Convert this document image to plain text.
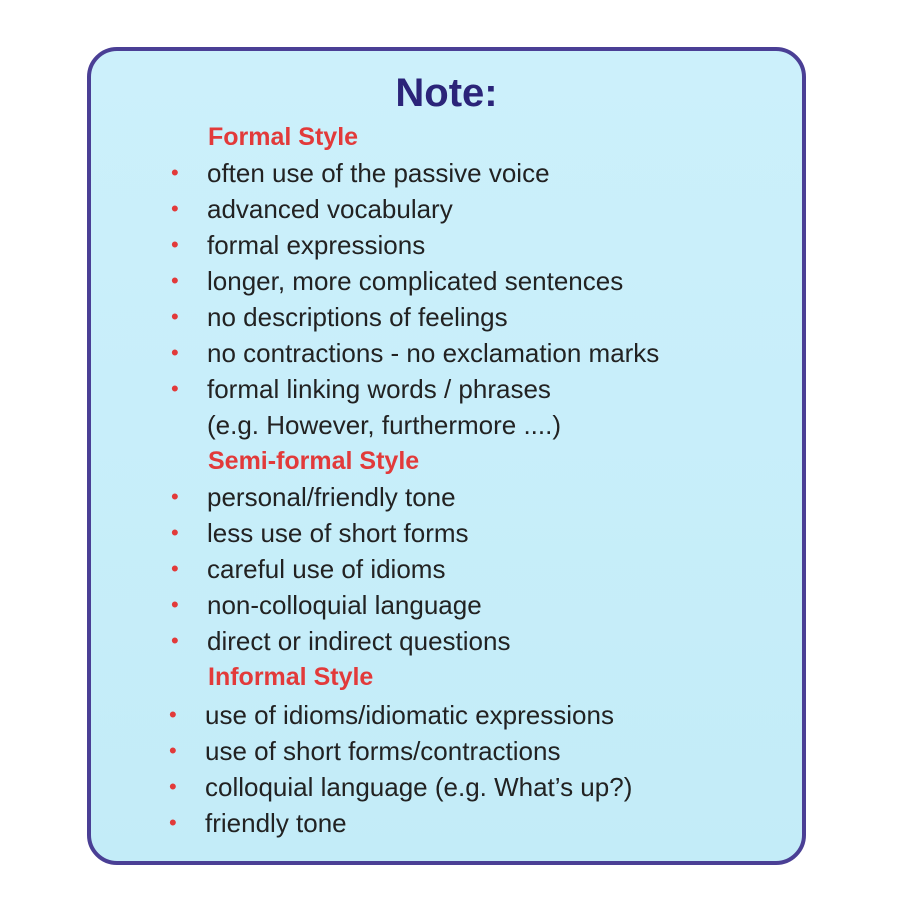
Note:
Formal Style
• often use of the passive voice
• advanced vocabulary
• formal expressions
• longer, more complicated sentences
• no descriptions of feelings
• no contractions - no exclamation marks
• formal linking words / phrases
(e.g. However, furthermore ....)
Semi-formal Style
• personal/friendly tone
• less use of short forms
• careful use of idioms
• non-colloquial language
• direct or indirect questions
Informal Style
• use of idioms/idiomatic expressions
• use of short forms/contractions
• colloquial language (e.g. What’s up?)
• friendly tone
